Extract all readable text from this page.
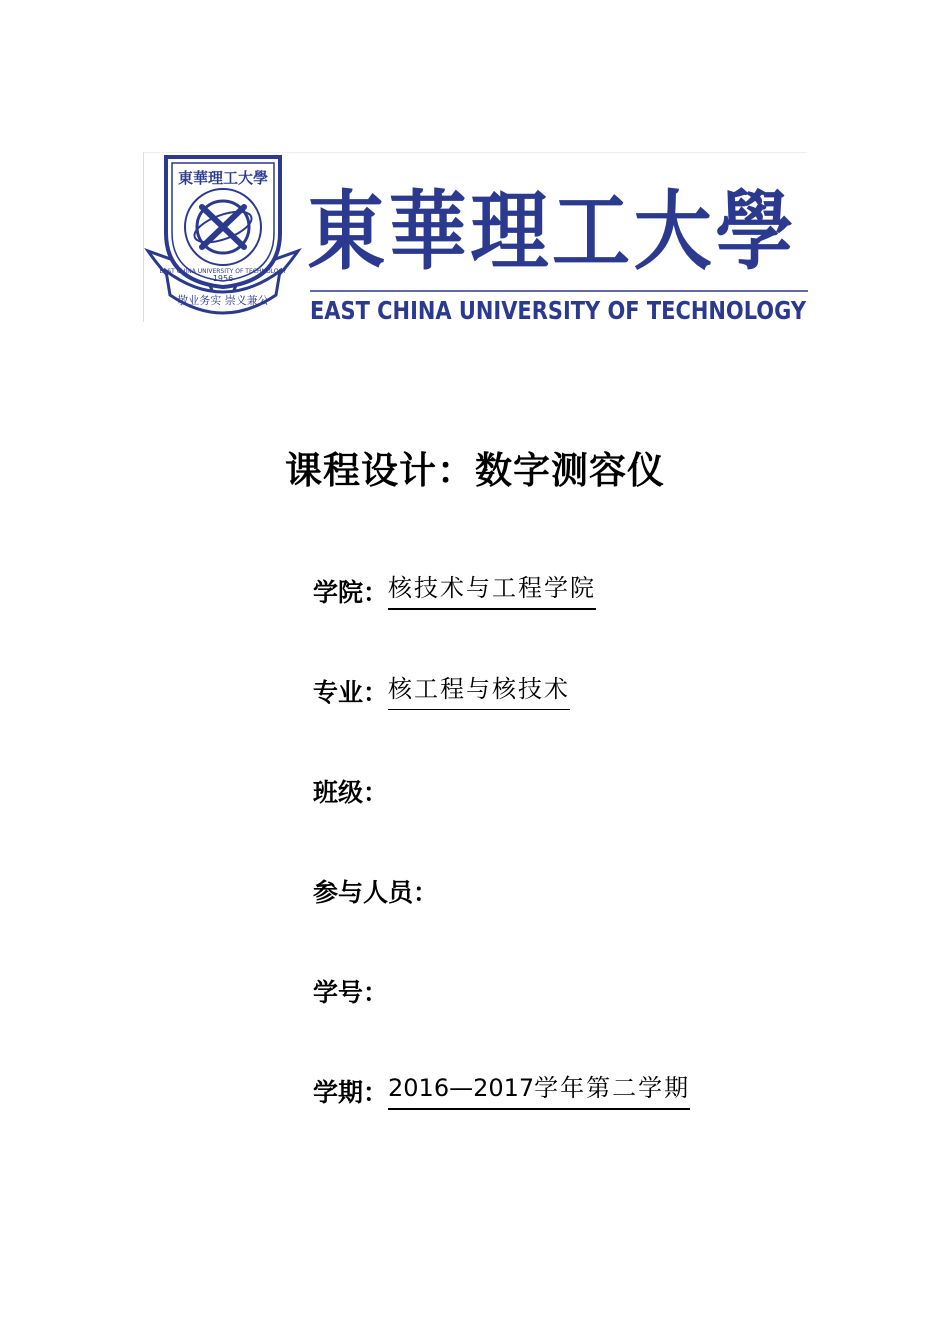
EAST CHINA UNIVERSITY OF TECHNOLOGY
1956
東華理工大學
敬业务实 崇义兼公
東華理工大學
EAST CHINA UNIVERSITY OF TECHNOLOGY
课程设计：数字测容仪
学院： 核技术与工程学院
专业： 核工程与核技术
班级：
参与人员：
学号：
学期： 2016—2017学年第二学期
